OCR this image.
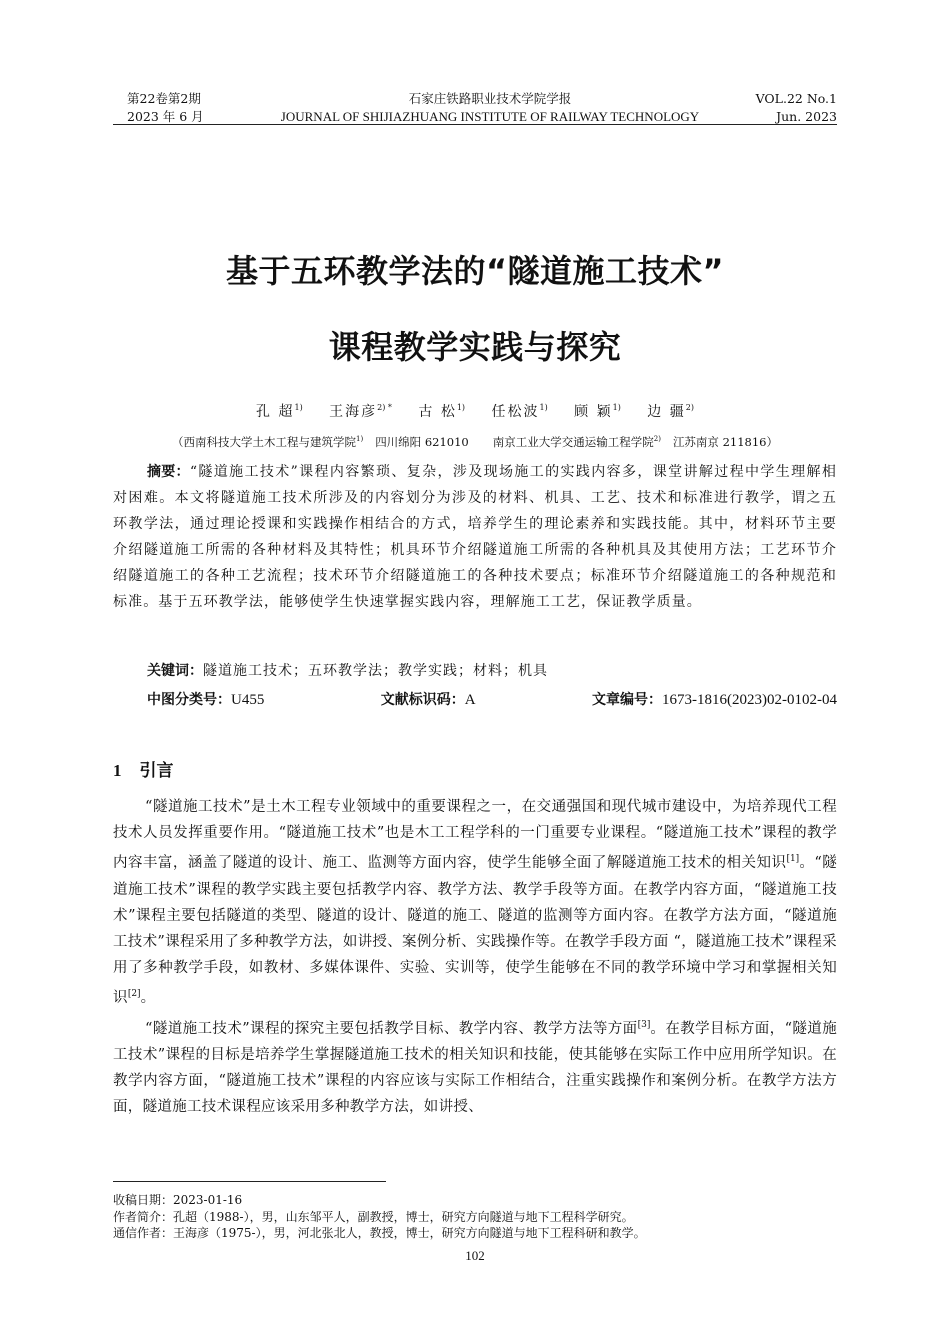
第22卷第2期
2023 年 6 月
石家庄铁路职业技术学院学报
JOURNAL OF SHIJIAZHUANG INSTITUTE OF RAILWAY TECHNOLOGY
VOL.22 No.1
Jun. 2023
基于五环教学法的“隧道施工技术”
课程教学实践与探究
孔 超$^{1)}$ 王海彦$^{2) *}$ 古 松$^{1)}$ 任松波$^{1)}$ 顾 颖$^{1)}$ 边 疆$^{2)}$
（西南科技大学土木工程与建筑学院$^{1)}$ 四川绵阳 621010 南京工业大学交通运输工程学院$^{2)}$ 江苏南京 211816）

摘要：“隧道施工技术”课程内容繁琐、复杂，涉及现场施工的实践内容多，课堂讲解过程中学生理解相对困难。本文将隧道施工技术所涉及的内容划分为涉及的材料、机具、工艺、技术和标准进行教学，谓之五环教学法，通过理论授课和实践操作相结合的方式，培养学生的理论素养和实践技能。其中，材料环节主要介绍隧道施工所需的各种材料及其特性；机具环节介绍隧道施工所需的各种机具及其使用方法；工艺环节介绍隧道施工的各种工艺流程；技术环节介绍隧道施工的各种技术要点；标准环节介绍隧道施工的各种规范和标准。基于五环教学法，能够使学生快速掌握实践内容，理解施工工艺，保证教学质量。

关键词：隧道施工技术；五环教学法；教学实践；材料；机具
中图分类号：U455	文献标识码：A	文章编号：1673-1816(2023)02-0102-04
1 引言

“隧道施工技术”是土木工程专业领域中的重要课程之一，在交通强国和现代城市建设中，为培养现代工程技术人员发挥重要作用。“隧道施工技术”也是木工工程学科的一门重要专业课程。“隧道施工技术”课程的教学内容丰富，涵盖了隧道的设计、施工、监测等方面内容，使学生能够全面了解隧道施工技术的相关知识[1]。“隧道施工技术”课程的教学实践主要包括教学内容、教学方法、教学手段等方面。在教学内容方面，“隧道施工技术”课程主要包括隧道的类型、隧道的设计、隧道的施工、隧道的监测等方面内容。在教学方法方面，“隧道施工技术”课程采用了多种教学方法，如讲授、案例分析、实践操作等。在教学手段方面 “，隧道施工技术”课程采用了多种教学手段，如教材、多媒体课件、实验、实训等，使学生能够在不同的教学环境中学习和掌握相关知识[2]。

“隧道施工技术”课程的探究主要包括教学目标、教学内容、教学方法等方面[3]。在教学目标方面，“隧道施工技术”课程的目标是培养学生掌握隧道施工技术的相关知识和技能，使其能够在实际工作中应用所学知识。在教学内容方面，“隧道施工技术”课程的内容应该与实际工作相结合，注重实践操作和案例分析。在教学方法方面，隧道施工技术课程应该采用多种教学方法，如讲授、

收稿日期：2023-01-16
作者简介：孔超（1988-），男，山东邹平人，副教授，博士，研究方向隧道与地下工程科学研究。
通信作者：王海彦（1975-），男，河北张北人，教授，博士，研究方向隧道与地下工程科研和教学。
102
